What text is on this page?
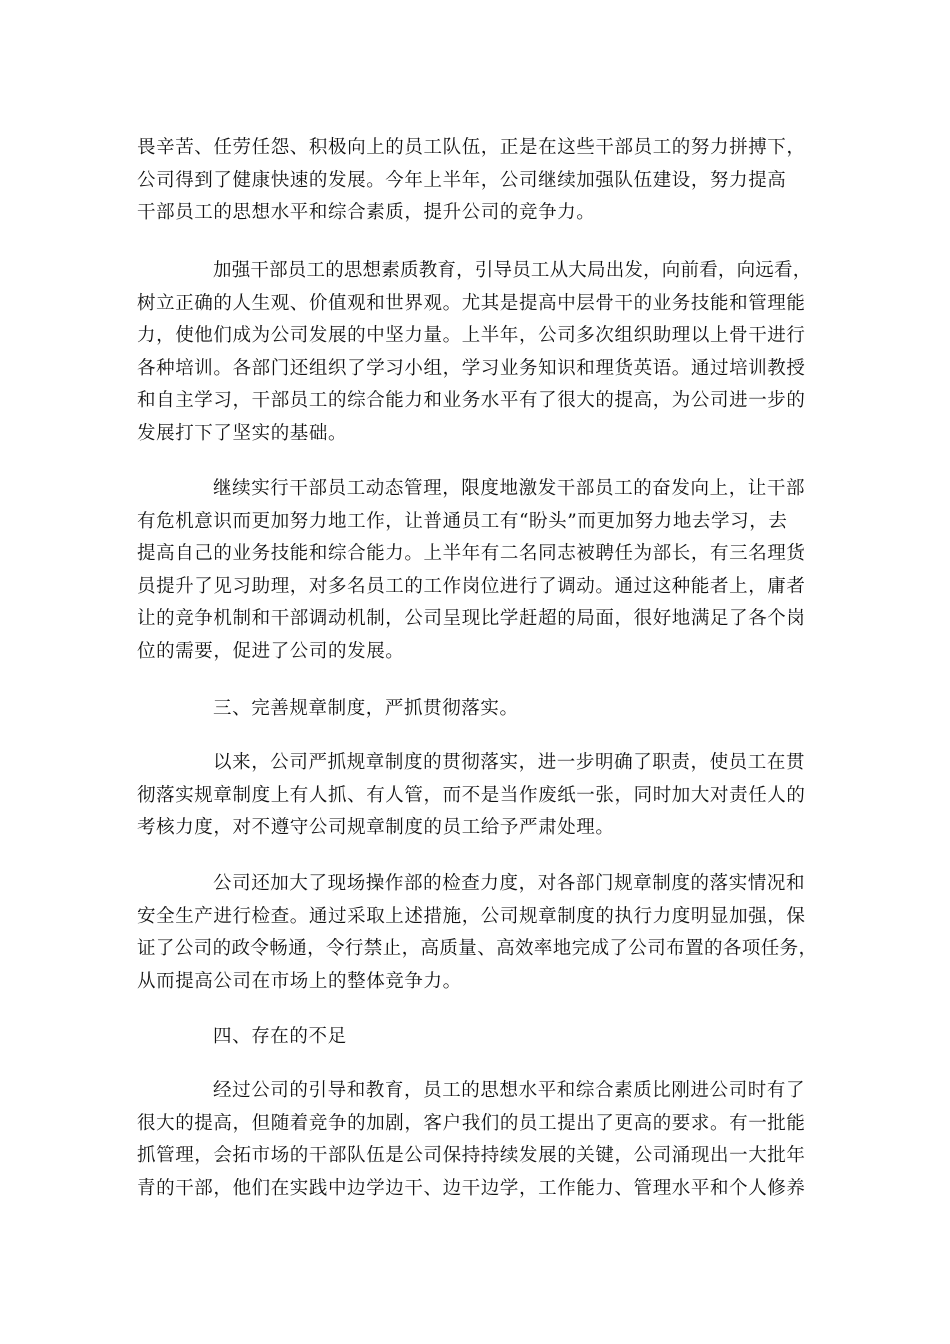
畏辛苦、任劳任怨、积极向上的员工队伍，正是在这些干部员工的努力拼搏下，
公司得到了健康快速的发展。今年上半年，公司继续加强队伍建设，努力提高
干部员工的思想水平和综合素质，提升公司的竞争力。
加强干部员工的思想素质教育，引导员工从大局出发，向前看，向远看，
树立正确的人生观、价值观和世界观。尤其是提高中层骨干的业务技能和管理能
力，使他们成为公司发展的中坚力量。上半年，公司多次组织助理以上骨干进行
各种培训。各部门还组织了学习小组，学习业务知识和理货英语。通过培训教授
和自主学习，干部员工的综合能力和业务水平有了很大的提高，为公司进一步的
发展打下了坚实的基础。
继续实行干部员工动态管理，限度地激发干部员工的奋发向上，让干部
有危机意识而更加努力地工作，让普通员工有“盼头”而更加努力地去学习，去
提高自己的业务技能和综合能力。上半年有二名同志被聘任为部长，有三名理货
员提升了见习助理，对多名员工的工作岗位进行了调动。通过这种能者上，庸者
让的竞争机制和干部调动机制，公司呈现比学赶超的局面，很好地满足了各个岗
位的需要，促进了公司的发展。
三、完善规章制度，严抓贯彻落实。
以来，公司严抓规章制度的贯彻落实，进一步明确了职责，使员工在贯
彻落实规章制度上有人抓、有人管，而不是当作废纸一张，同时加大对责任人的
考核力度，对不遵守公司规章制度的员工给予严肃处理。
公司还加大了现场操作部的检查力度，对各部门规章制度的落实情况和
安全生产进行检查。通过采取上述措施，公司规章制度的执行力度明显加强，保
证了公司的政令畅通，令行禁止，高质量、高效率地完成了公司布置的各项任务，
从而提高公司在市场上的整体竞争力。
四、存在的不足
经过公司的引导和教育，员工的思想水平和综合素质比刚进公司时有了
很大的提高，但随着竞争的加剧，客户我们的员工提出了更高的要求。有一批能
抓管理，会拓市场的干部队伍是公司保持持续发展的关键，公司涌现出一大批年
青的干部，他们在实践中边学边干、边干边学，工作能力、管理水平和个人修养
